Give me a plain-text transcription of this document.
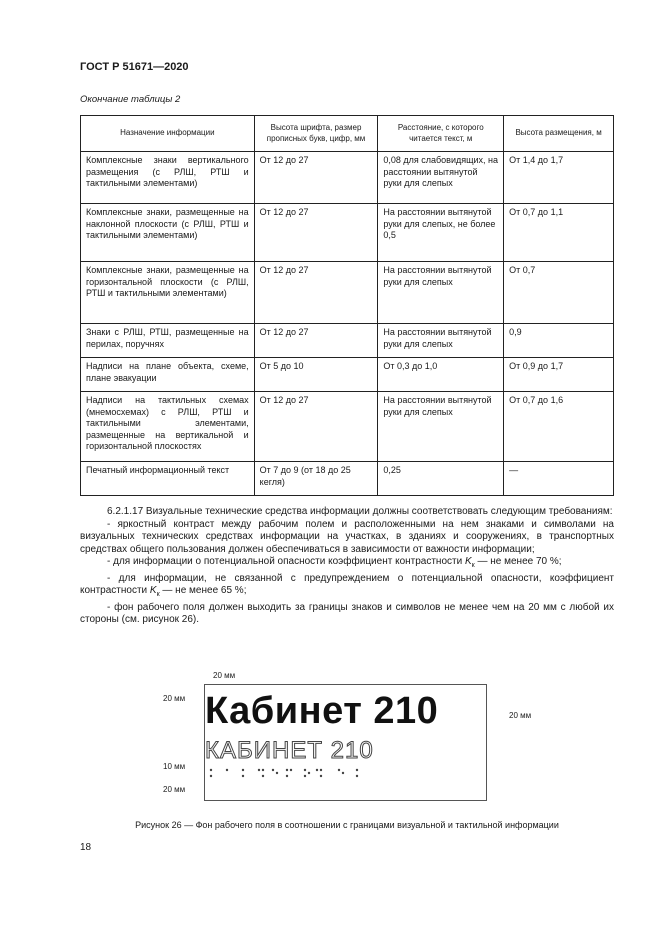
ГОСТ Р 51671—2020
Окончание таблицы 2
Назначение информации	Высота шрифта, размер прописных букв, цифр, мм	Расстояние, с которого читается текст, м	Высота размещения, м
Комплексные знаки вертикального размещения (с РЛШ, РТШ и тактильными элементами)	От 12 до 27	0,08 для слабовидящих, на расстоянии вытянутой руки для слепых	От 1,4 до 1,7
Комплексные знаки, размещенные на наклонной плоскости (с РЛШ, РТШ и тактильными элементами)	От 12 до 27	На расстоянии вытянутой руки для слепых, не более 0,5	От 0,7 до 1,1
Комплексные знаки, размещенные на горизонтальной плоскости (с РЛШ, РТШ и тактильными элементами)	От 12 до 27	На расстоянии вытянутой руки для слепых	От 0,7
Знаки с РЛШ, РТШ, размещенные на перилах, поручнях	От 12 до 27	На расстоянии вытянутой руки для слепых	0,9
Надписи на плане объекта, схеме, плане эвакуации	От 5 до 10	От 0,3 до 1,0	От 0,9 до 1,7
Надписи на тактильных схемах (мнемосхемах) с РЛШ, РТШ и тактильными элементами, размещенные на вертикальной и горизонтальной плоскостях	От 12 до 27	На расстоянии вытянутой руки для слепых	От 0,7 до 1,6
Печатный информационный текст	От 7 до 9 (от 18 до 25 кегля)	0,25	—
6.2.1.17 Визуальные технические средства информации должны соответствовать следующим требованиям:
- яркостный контраст между рабочим полем и расположенными на нем знаками и символами на визуальных технических средствах информации на участках, в зданиях и сооружениях, в транспортных средствах общего пользования должен обеспечиваться в зависимости от важности информации;
- для информации о потенциальной опасности коэффициент контрастности $K_к$ — не менее 70 %;
- для информации, не связанной с предупреждением о потенциальной опасности, коэффициент контрастности $K_к$ — не менее 65 %;
- фон рабочего поля должен выходить за границы знаков и символов не менее чем на 20 мм с любой их стороны (см. рисунок 26).
20 мм
20 мм
20 мм
10 мм
20 мм
Кабинет 210
КАБИНЕТ 210
Рисунок 26 — Фон рабочего поля в соотношении с границами визуальной и тактильной информации
18
